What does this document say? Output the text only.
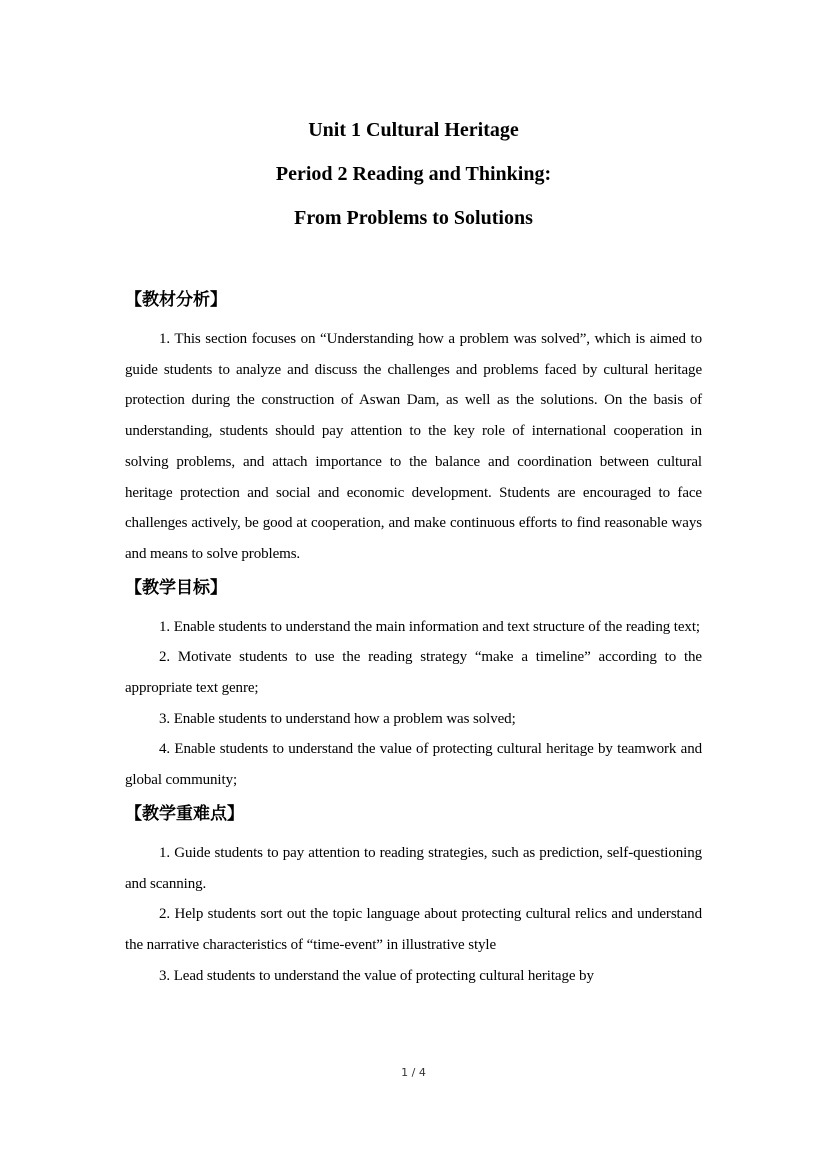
Unit 1 Cultural Heritage
Period 2 Reading and Thinking:
From Problems to Solutions
【教材分析】

1. This section focuses on “Understanding how a problem was solved”, which is aimed to guide students to analyze and discuss the challenges and problems faced by cultural heritage protection during the construction of Aswan Dam, as well as the solutions. On the basis of understanding, students should pay attention to the key role of international cooperation in solving problems, and attach importance to the balance and coordination between cultural heritage protection and social and economic development. Students are encouraged to face challenges actively, be good at cooperation, and make continuous efforts to find reasonable ways and means to solve problems.

【教学目标】

1. Enable students to understand the main information and text structure of the reading text;

2. Motivate students to use the reading strategy “make a timeline” according to the appropriate text genre;

3. Enable students to understand how a problem was solved;

4. Enable students to understand the value of protecting cultural heritage by teamwork and global community;

【教学重难点】

1. Guide students to pay attention to reading strategies, such as prediction, self-questioning and scanning.

2. Help students sort out the topic language about protecting cultural relics and understand the narrative characteristics of “time-event” in illustrative style

3. Lead students to understand the value of protecting cultural heritage by

1 / 4
